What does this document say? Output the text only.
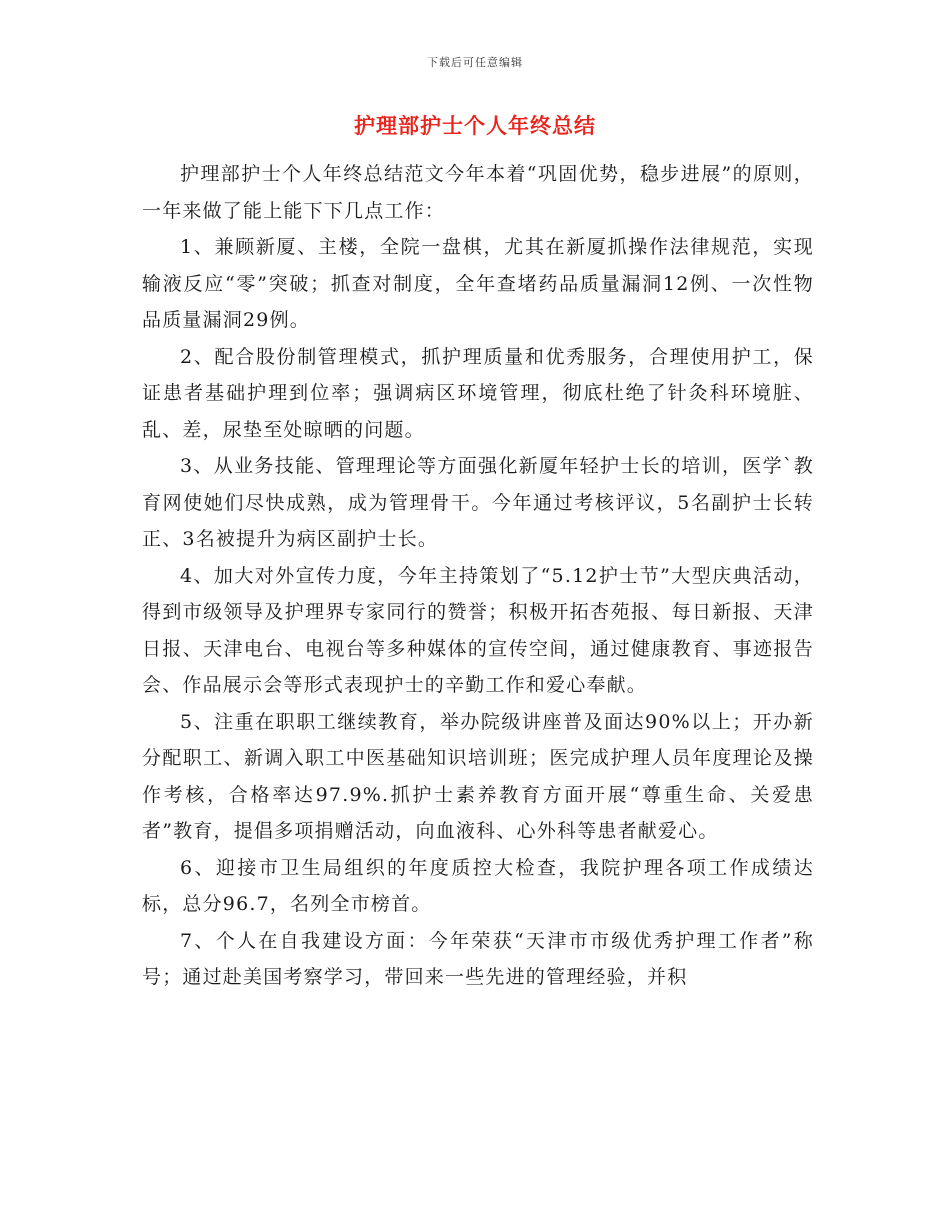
下载后可任意编辑
护理部护士个人年终总结

护理部护士个人年终总结范文今年本着“巩固优势，稳步进展”的原则，一年来做了能上能下下几点工作：

1、兼顾新厦、主楼，全院一盘棋，尤其在新厦抓操作法律规范，实现输液反应“零”突破；抓查对制度，全年查堵药品质量漏洞12例、一次性物品质量漏洞29例。

2、配合股份制管理模式，抓护理质量和优秀服务，合理使用护工，保证患者基础护理到位率；强调病区环境管理，彻底杜绝了针灸科环境脏、乱、差，尿垫至处晾晒的问题。

3、从业务技能、管理理论等方面强化新厦年轻护士长的培训，医学`教育网使她们尽快成熟，成为管理骨干。今年通过考核评议，5名副护士长转正、3名被提升为病区副护士长。

4、加大对外宣传力度，今年主持策划了“5.12护士节”大型庆典活动，得到市级领导及护理界专家同行的赞誉；积极开拓杏苑报、每日新报、天津日报、天津电台、电视台等多种媒体的宣传空间，通过健康教育、事迹报告会、作品展示会等形式表现护士的辛勤工作和爱心奉献。

5、注重在职职工继续教育，举办院级讲座普及面达90%以上；开办新分配职工、新调入职工中医基础知识培训班；医完成护理人员年度理论及操作考核，合格率达97.9%.抓护士素养教育方面开展“尊重生命、关爱患者”教育，提倡多项捐赠活动，向血液科、心外科等患者献爱心。

6、迎接市卫生局组织的年度质控大检查，我院护理各项工作成绩达标，总分96.7，名列全市榜首。

7、个人在自我建设方面：今年荣获“天津市市级优秀护理工作者”称号；通过赴美国考察学习，带回来一些先进的管理经验，并积
